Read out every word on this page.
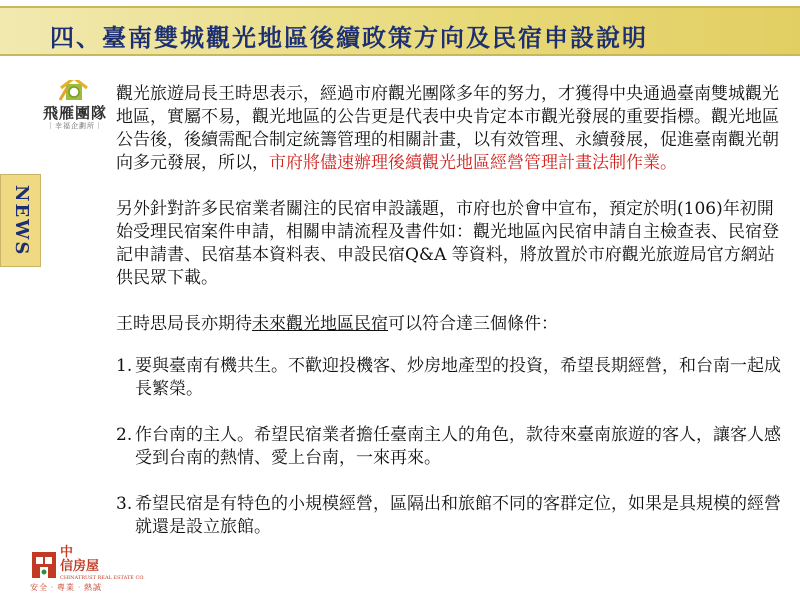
四、臺南雙城觀光地區後續政策方向及民宿申設說明
飛雁團隊
｜幸福企劃所｜
NEWS
中
信房屋
CHINATRUST REAL ESTATE CO.
安全‧專業‧熱誠

觀光旅遊局長王時思表示，經過市府觀光團隊多年的努力，才獲得中央通過臺南雙城觀光地區，實屬不易，觀光地區的公告更是代表中央肯定本市觀光發展的重要指標。觀光地區公告後，後續需配合制定統籌管理的相關計畫，以有效管理、永續發展，促進臺南觀光朝向多元發展，所以，市府將儘速辦理後續觀光地區經營管理計畫法制作業。

另外針對許多民宿業者關注的民宿申設議題，市府也於會中宣布，預定於明(106)年初開始受理民宿案件申請，相關申請流程及書件如：觀光地區內民宿申請自主檢查表、民宿登記申請書、民宿基本資料表、申設民宿Q&A 等資料，將放置於市府觀光旅遊局官方網站供民眾下載。

王時思局長亦期待未來觀光地區民宿可以符合達三個條件：

1. 要與臺南有機共生。不歡迎投機客、炒房地產型的投資，希望長期經營，和台南一起成長繁榮。
2. 作台南的主人。希望民宿業者擔任臺南主人的角色，款待來臺南旅遊的客人，讓客人感受到台南的熱情、愛上台南，一來再來。
3. 希望民宿是有特色的小規模經營，區隔出和旅館不同的客群定位，如果是具規模的經營就還是設立旅館。
